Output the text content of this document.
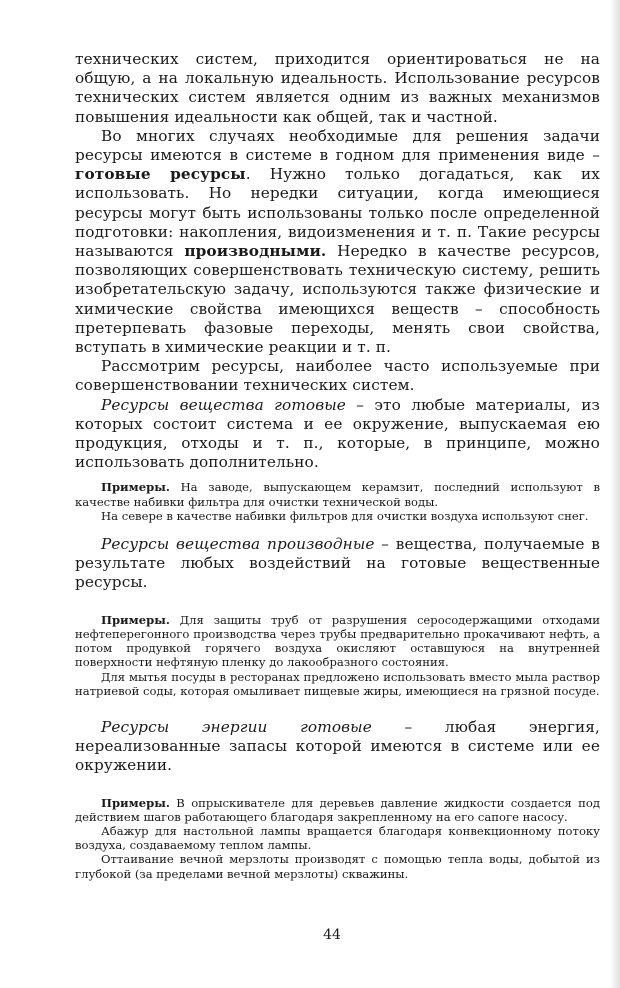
технических систем, приходится ориентироваться не на общую, а на локальную идеальность. Использование ресурсов технических систем является одним из важных механизмов повышения идеальности как общей, так и частной.

Во многих случаях необходимые для решения задачи ресурсы имеются в системе в годном для применения виде – готовые ресурсы. Нужно только догадаться, как их использовать. Но нередки ситуации, когда имеющиеся ресурсы могут быть использованы только после определенной подготовки: накопления, видоизменения и т. п. Такие ресурсы называются производными. Нередко в качестве ресурсов, позволяющих совершенствовать техническую систему, решить изобретательскую задачу, используются также физические и химические свойства имеющихся веществ – способность претерпевать фазовые переходы, менять свои свойства, вступать в химические реакции и т. п.

Рассмотрим ресурсы, наиболее часто используемые при совершенствовании технических систем.

Ресурсы вещества готовые – это любые материалы, из которых состоит система и ее окружение, выпускаемая ею продукция, отходы и т. п., которые, в принципе, можно использовать дополнительно.

Примеры. На заводе, выпускающем керамзит, последний используют в качестве набивки фильтра для очистки технической воды.

На севере в качестве набивки фильтров для очистки воздуха используют снег.

Ресурсы вещества производные – вещества, получаемые в результате любых воздействий на готовые вещественные ресурсы.

Примеры. Для защиты труб от разрушения серосодержащими отходами нефтеперегонного производства через трубы предварительно прокачивают нефть, а потом продувкой горячего воздуха окисляют оставшуюся на внутренней поверхности нефтяную пленку до лакообразного состояния.

Для мытья посуды в ресторанах предложено использовать вместо мыла раствор натриевой соды, которая омыливает пищевые жиры, имеющиеся на грязной посуде.

Ресурсы энергии готовые – любая энергия, нереализованные запасы которой имеются в системе или ее окружении.

Примеры. В опрыскивателе для деревьев давление жидкости создается под действием шагов работающего благодаря закрепленному на его сапоге насосу.

Абажур для настольной лампы вращается благодаря конвекционному потоку воздуха, создаваемому теплом лампы.

Оттаивание вечной мерзлоты производят с помощью тепла воды, добытой из глубокой (за пределами вечной мерзлоты) скважины.

44
